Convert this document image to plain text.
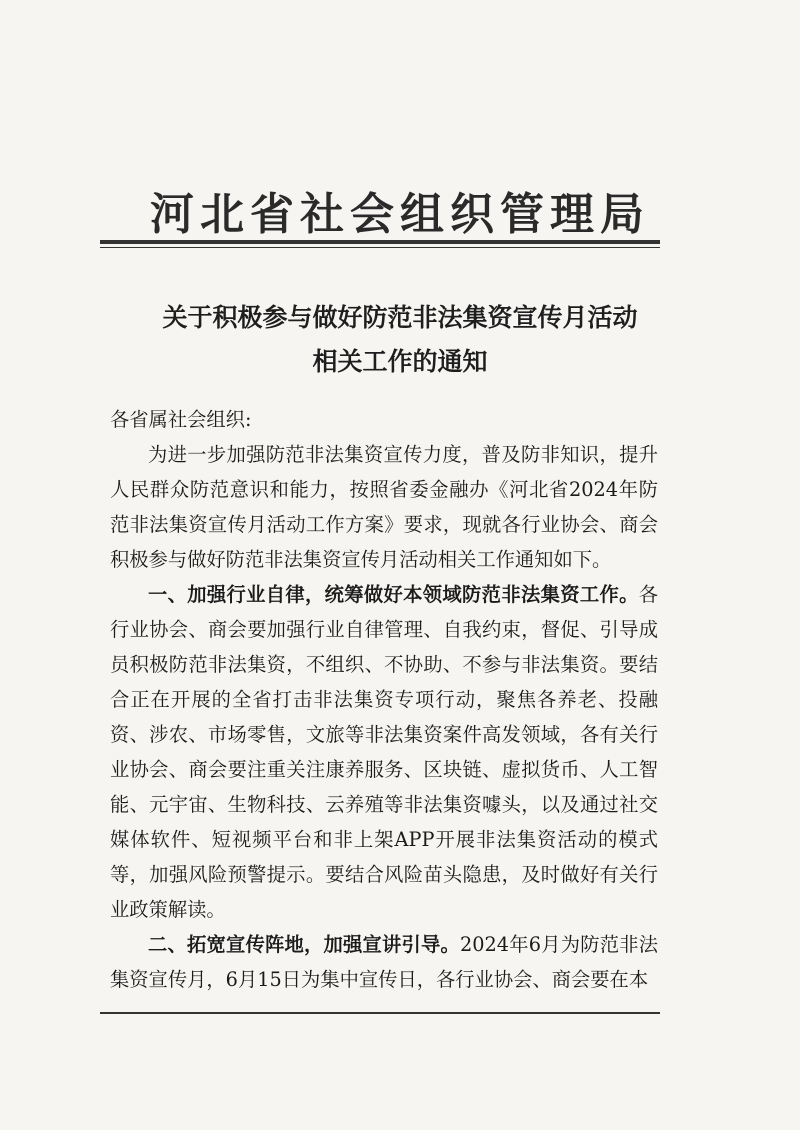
河北省社会组织管理局
关于积极参与做好防范非法集资宣传月活动
相关工作的通知

各省属社会组织:

为进一步加强防范非法集资宣传力度，普及防非知识，提升人民群众防范意识和能力，按照省委金融办《河北省2024年防范非法集资宣传月活动工作方案》要求，现就各行业协会、商会积极参与做好防范非法集资宣传月活动相关工作通知如下。

一、加强行业自律，统筹做好本领域防范非法集资工作。各行业协会、商会要加强行业自律管理、自我约束，督促、引导成员积极防范非法集资，不组织、不协助、不参与非法集资。要结合正在开展的全省打击非法集资专项行动，聚焦各养老、投融资、涉农、市场零售，文旅等非法集资案件高发领域，各有关行业协会、商会要注重关注康养服务、区块链、虚拟货币、人工智能、元宇宙、生物科技、云养殖等非法集资噱头，以及通过社交媒体软件、短视频平台和非上架APP开展非法集资活动的模式等，加强风险预警提示。要结合风险苗头隐患，及时做好有关行业政策解读。

二、拓宽宣传阵地，加强宣讲引导。2024年6月为防范非法集资宣传月，6月15日为集中宣传日，各行业协会、商会要在本
